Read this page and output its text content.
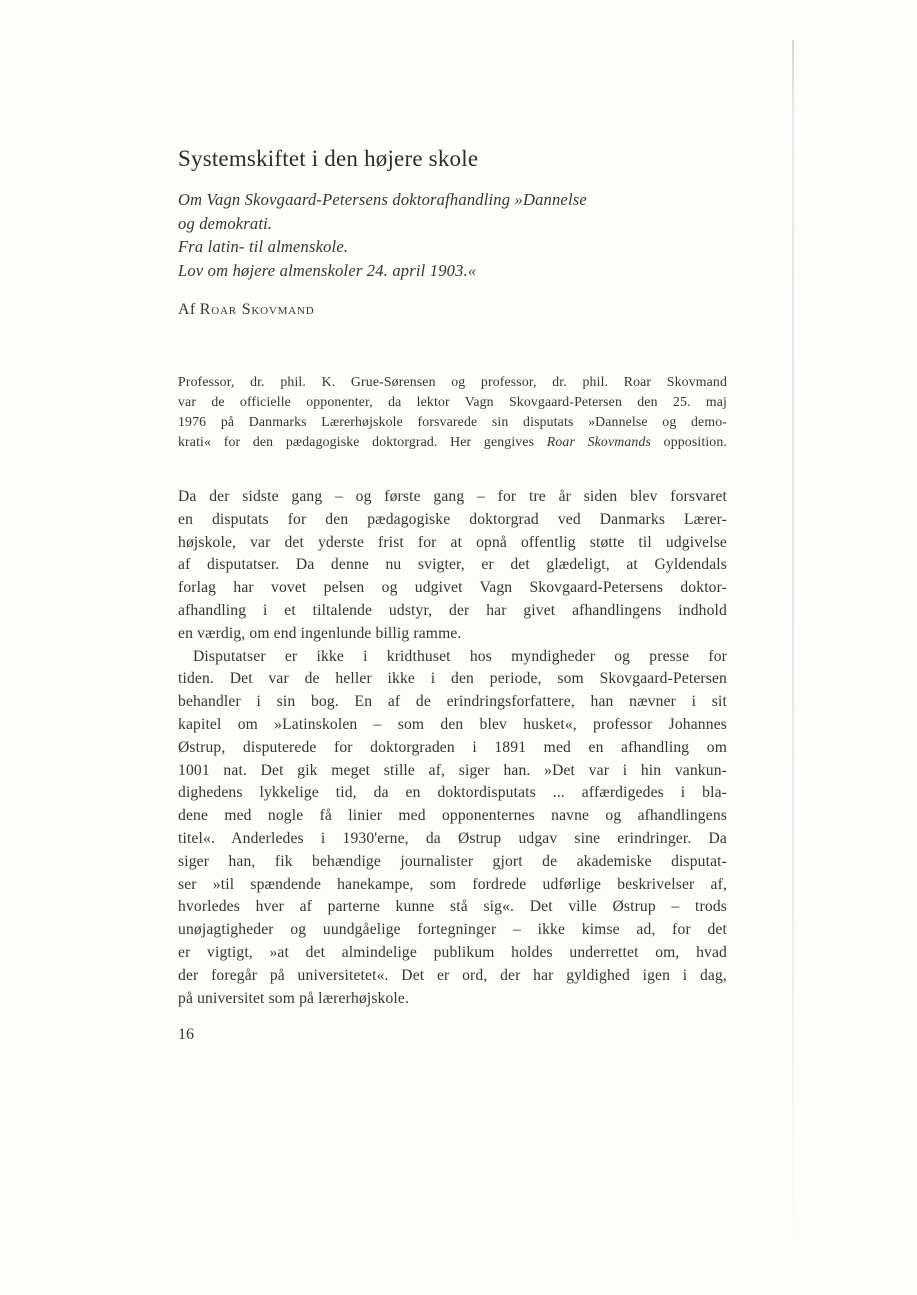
Systemskiftet i den højere skole
Om Vagn Skovgaard-Petersens doktorafhandling »Dannelse
og demokrati.
Fra latin- til almenskole.
Lov om højere almenskoler 24. april 1903.«
Af Roar Skovmand
Professor, dr. phil. K. Grue-Sørensen og professor, dr. phil. Roar Skovmand
var de officielle opponenter, da lektor Vagn Skovgaard-Petersen den 25. maj
1976 på Danmarks Lærerhøjskole forsvarede sin disputats »Dannelse og demo-
krati« for den pædagogiske doktorgrad. Her gengives Roar Skovmands opposition.
Da der sidste gang – og første gang – for tre år siden blev forsvaret
en disputats for den pædagogiske doktorgrad ved Danmarks Lærer-
højskole, var det yderste frist for at opnå offentlig støtte til udgivelse
af disputatser. Da denne nu svigter, er det glædeligt, at Gyldendals
forlag har vovet pelsen og udgivet Vagn Skovgaard-Petersens doktor-
afhandling i et tiltalende udstyr, der har givet afhandlingens indhold
en værdig, om end ingenlunde billig ramme.
Disputatser er ikke i kridthuset hos myndigheder og presse for
tiden. Det var de heller ikke i den periode, som Skovgaard-Petersen
behandler i sin bog. En af de erindringsforfattere, han nævner i sit
kapitel om »Latinskolen – som den blev husket«, professor Johannes
Østrup, disputerede for doktorgraden i 1891 med en afhandling om
1001 nat. Det gik meget stille af, siger han. »Det var i hin vankun-
dighedens lykkelige tid, da en doktordisputats ... affærdigedes i bla-
dene med nogle få linier med opponenternes navne og afhandlingens
titel«. Anderledes i 1930'erne, da Østrup udgav sine erindringer. Da
siger han, fik behændige journalister gjort de akademiske disputat-
ser »til spændende hanekampe, som fordrede udførlige beskrivelser af,
hvorledes hver af parterne kunne stå sig«. Det ville Østrup – trods
unøjagtigheder og uundgåelige fortegninger – ikke kimse ad, for det
er vigtigt, »at det almindelige publikum holdes underrettet om, hvad
der foregår på universitetet«. Det er ord, der har gyldighed igen i dag,
på universitet som på lærerhøjskole.
16
